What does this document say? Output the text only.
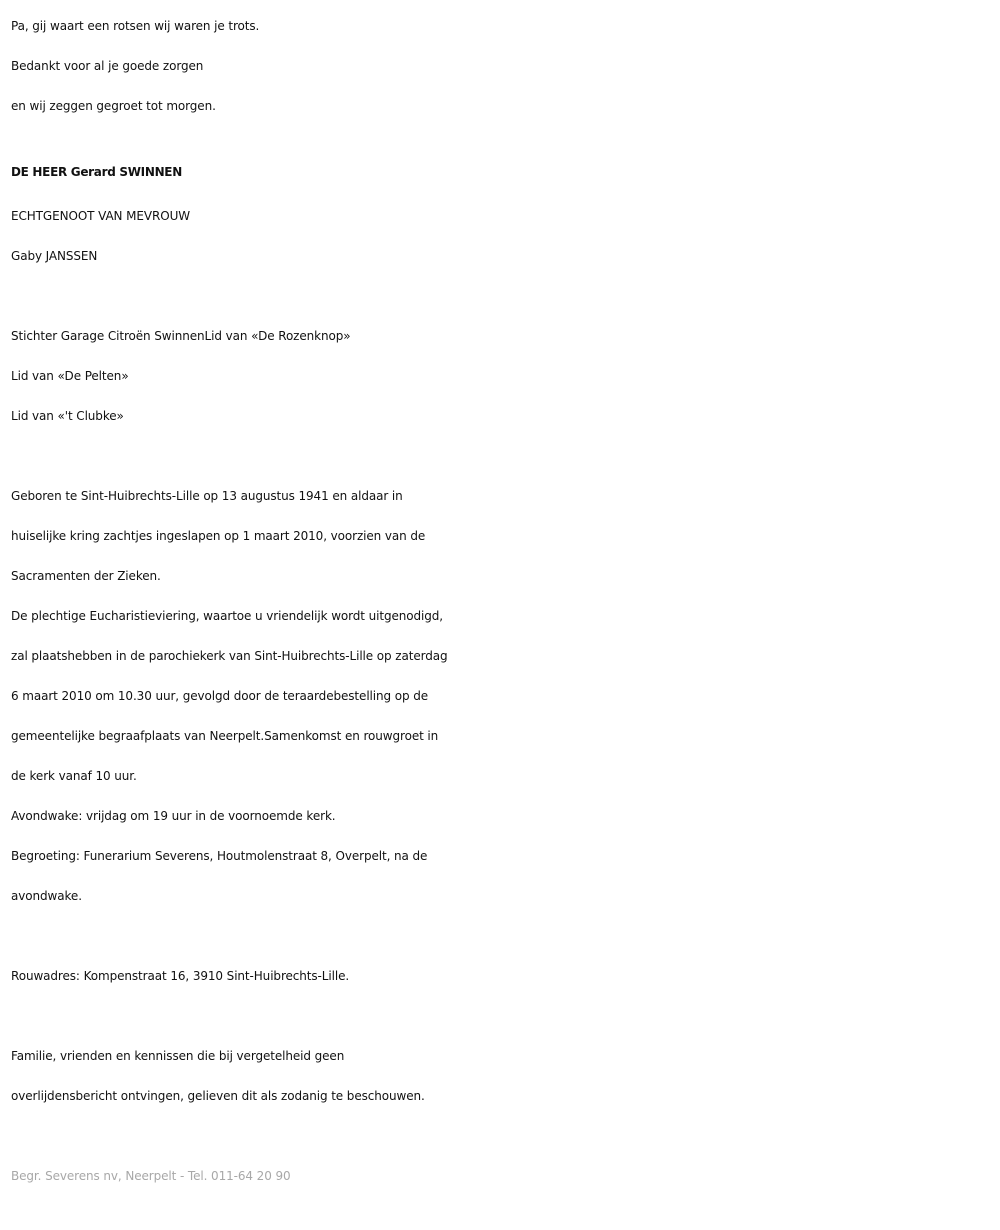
Pa, gij waart een rotsen wij waren je trots.
Bedankt voor al je goede zorgen
en wij zeggen gegroet tot morgen.
DE HEER Gerard SWINNEN
ECHTGENOOT VAN MEVROUW
Gaby JANSSEN
Stichter Garage Citroën SwinnenLid van «De Rozenknop»
Lid van «De Pelten»
Lid van «'t Clubke»
Geboren te Sint-Huibrechts-Lille op 13 augustus 1941 en aldaar in
huiselijke kring zachtjes ingeslapen op 1 maart 2010, voorzien van de
Sacramenten der Zieken.
De plechtige Eucharistieviering, waartoe u vriendelijk wordt uitgenodigd,
zal plaatshebben in de parochiekerk van Sint-Huibrechts-Lille op zaterdag
6 maart 2010 om 10.30 uur, gevolgd door de teraardebestelling op de
gemeentelijke begraafplaats van Neerpelt.Samenkomst en rouwgroet in
de kerk vanaf 10 uur.
Avondwake: vrijdag om 19 uur in de voornoemde kerk.
Begroeting: Funerarium Severens, Houtmolenstraat 8, Overpelt, na de
avondwake.
Rouwadres: Kompenstraat 16, 3910 Sint-Huibrechts-Lille.
Familie, vrienden en kennissen die bij vergetelheid geen
overlijdensbericht ontvingen, gelieven dit als zodanig te beschouwen.
Begr. Severens nv, Neerpelt - Tel. 011-64 20 90
